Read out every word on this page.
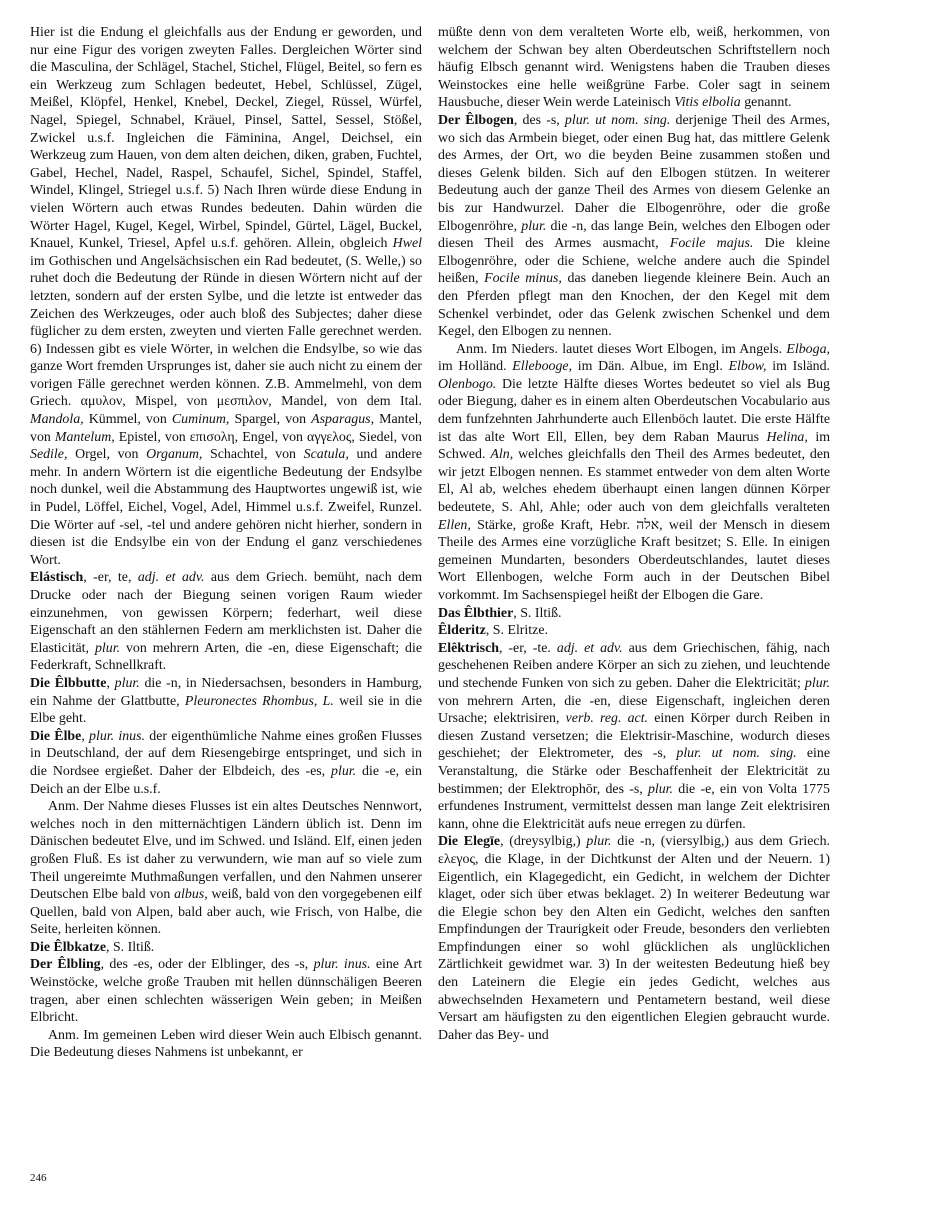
Hier ist die Endung el gleichfalls aus der Endung er geworden, und nur eine Figur des vorigen zweyten Falles. Dergleichen Wörter sind die Masculina, der Schlägel, Stachel, Stichel, Flügel, Beitel, so fern es ein Werkzeug zum Schlagen bedeutet, Hebel, Schlüssel, Zügel, Meißel, Klöpfel, Henkel, Knebel, Deckel, Ziegel, Rüssel, Würfel, Nagel, Spiegel, Schnabel, Kräuel, Pinsel, Sattel, Sessel, Stößel, Zwickel u.s.f. Ingleichen die Fäminina, Angel, Deichsel, ein Werkzeug zum Hauen, von dem alten deichen, diken, graben, Fuchtel, Gabel, Hechel, Nadel, Raspel, Schaufel, Sichel, Spindel, Staffel, Windel, Klingel, Striegel u.s.f. 5) Nach Ihren würde diese Endung in vielen Wörtern auch etwas Rundes bedeuten. Dahin würden die Wörter Hagel, Kugel, Kegel, Wirbel, Spindel, Gürtel, Lägel, Buckel, Knauel, Kunkel, Triesel, Apfel u.s.f. gehören. Allein, obgleich Hwel im Gothischen und Angelsächsischen ein Rad bedeutet, (S. Welle,) so ruhet doch die Bedeutung der Ründe in diesen Wörtern nicht auf der letzten, sondern auf der ersten Sylbe, und die letzte ist entweder das Zeichen des Werkzeuges, oder auch bloß des Subjectes; daher diese füglicher zu dem ersten, zweyten und vierten Falle gerechnet werden. 6) Indessen gibt es viele Wörter, in welchen die Endsylbe, so wie das ganze Wort fremden Ursprunges ist, daher sie auch nicht zu einem der vorigen Fälle gerechnet werden können. Z.B. Ammelmehl, von dem Griech. αμυλον, Mispel, von μεσπιλον, Mandel, von dem Ital. Mandola, Kümmel, von Cuminum, Spargel, von Asparagus, Mantel, von Mantelum, Epistel, von επισολη, Engel, von αγγελος, Siedel, von Sedile, Orgel, von Organum, Schachtel, von Scatula, und andere mehr. In andern Wörtern ist die eigentliche Bedeutung der Endsylbe noch dunkel, weil die Abstammung des Hauptwortes ungewiß ist, wie in Pudel, Löffel, Eichel, Vogel, Adel, Himmel u.s.f. Zweifel, Runzel. Die Wörter auf -sel, -tel und andere gehören nicht hierher, sondern in diesen ist die Endsylbe ein von der Endung el ganz verschiedenes Wort.

Elástisch, -er, te, adj. et adv. aus dem Griech. bemüht, nach dem Drucke oder nach der Biegung seinen vorigen Raum wieder einzunehmen, von gewissen Körpern; federhart, weil diese Eigenschaft an den stählernen Federn am merklichsten ist. Daher die Elasticität, plur. von mehrern Arten, die -en, diese Eigenschaft; die Federkraft, Schnellkraft.

Die Êlbbutte, plur. die -n, in Niedersachsen, besonders in Hamburg, ein Nahme der Glattbutte, Pleuronectes Rhombus, L. weil sie in die Elbe geht.

Die Êlbe, plur. inus. der eigenthümliche Nahme eines großen Flusses in Deutschland, der auf dem Riesengebirge entspringet, und sich in die Nordsee ergießet. Daher der Elbdeich, des -es, plur. die -e, ein Deich an der Elbe u.s.f.

Anm. Der Nahme dieses Flusses ist ein altes Deutsches Nennwort, welches noch in den mitternächtigen Ländern üblich ist. Denn im Dänischen bedeutet Elve, und im Schwed. und Isländ. Elf, einen jeden großen Fluß. Es ist daher zu verwundern, wie man auf so viele zum Theil ungereimte Muthmaßungen verfallen, und den Nahmen unserer Deutschen Elbe bald von albus, weiß, bald von den vorgegebenen eilf Quellen, bald von Alpen, bald aber auch, wie Frisch, von Halbe, die Seite, herleiten können.

Die Êlbkatze, S. Iltiß.

Der Êlbling, des -es, oder der Elblinger, des -s, plur. inus. eine Art Weinstöcke, welche große Trauben mit hellen dünnschäligen Beeren tragen, aber einen schlechten wässerigen Wein geben; in Meißen Elbricht.

Anm. Im gemeinen Leben wird dieser Wein auch Elbisch genannt. Die Bedeutung dieses Nahmens ist unbekannt, er

müßte denn von dem veralteten Worte elb, weiß, herkommen, von welchem der Schwan bey alten Oberdeutschen Schriftstellern noch häufig Elbsch genannt wird. Wenigstens haben die Trauben dieses Weinstockes eine helle weißgrüne Farbe. Coler sagt in seinem Hausbuche, dieser Wein werde Lateinisch Vitis elbolia genannt.

Der Êlbogen, des -s, plur. ut nom. sing. derjenige Theil des Armes, wo sich das Armbein bieget, oder einen Bug hat, das mittlere Gelenk des Armes, der Ort, wo die beyden Beine zusammen stoßen und dieses Gelenk bilden. Sich auf den Elbogen stützen. In weiterer Bedeutung auch der ganze Theil des Armes von diesem Gelenke an bis zur Handwurzel. Daher die Elbogenröhre, oder die große Elbogenröhre, plur. die -n, das lange Bein, welches den Elbogen oder diesen Theil des Armes ausmacht, Focile majus. Die kleine Elbogenröhre, oder die Schiene, welche andere auch die Spindel heißen, Focile minus, das daneben liegende kleinere Bein. Auch an den Pferden pflegt man den Knochen, der den Kegel mit dem Schenkel verbindet, oder das Gelenk zwischen Schenkel und dem Kegel, den Elbogen zu nennen.

Anm. Im Nieders. lautet dieses Wort Elbogen, im Angels. Elboga, im Holländ. Ellebooge, im Dän. Albue, im Engl. Elbow, im Isländ. Olenbogo. Die letzte Hälfte dieses Wortes bedeutet so viel als Bug oder Biegung, daher es in einem alten Oberdeutschen Vocabulario aus dem funfzehnten Jahrhunderte auch Ellenböch lautet. Die erste Hälfte ist das alte Wort Ell, Ellen, bey dem Raban Maurus Helina, im Schwed. Aln, welches gleichfalls den Theil des Armes bedeutet, den wir jetzt Elbogen nennen. Es stammet entweder von dem alten Worte El, Al ab, welches ehedem überhaupt einen langen dünnen Körper bedeutete, S. Ahl, Ahle; oder auch von dem gleichfalls veralteten Ellen, Stärke, große Kraft, Hebr. אלה, weil der Mensch in diesem Theile des Armes eine vorzügliche Kraft besitzet; S. Elle. In einigen gemeinen Mundarten, besonders Oberdeutschlandes, lautet dieses Wort Ellenbogen, welche Form auch in der Deutschen Bibel vorkommt. Im Sachsenspiegel heißt der Elbogen die Gare.

Das Êlbthier, S. Iltiß.

Êlderitz, S. Elritze.

Elêktrisch, -er, -te. adj. et adv. aus dem Griechischen, fähig, nach geschehenen Reiben andere Körper an sich zu ziehen, und leuchtende und stechende Funken von sich zu geben. Daher die Elektricität; plur. von mehrern Arten, die -en, diese Eigenschaft, ingleichen deren Ursache; elektrisiren, verb. reg. act. einen Körper durch Reiben in diesen Zustand versetzen; die Elektrisir-Maschine, wodurch dieses geschiehet; der Elektrometer, des -s, plur. ut nom. sing. eine Veranstaltung, die Stärke oder Beschaffenheit der Elektricität zu bestimmen; der Elektrophōr, des -s, plur. die -e, ein von Volta 1775 erfundenes Instrument, vermittelst dessen man lange Zeit elektrisiren kann, ohne die Elektricität aufs neue erregen zu dürfen.

Die Elegīe, (dreysylbig,) plur. die -n, (viersylbig,) aus dem Griech. ελεγος, die Klage, in der Dichtkunst der Alten und der Neuern. 1) Eigentlich, ein Klagegedicht, ein Gedicht, in welchem der Dichter klaget, oder sich über etwas beklaget. 2) In weiterer Bedeutung war die Elegie schon bey den Alten ein Gedicht, welches den sanften Empfindungen der Traurigkeit oder Freude, besonders den verliebten Empfindungen einer so wohl glücklichen als unglücklichen Zärtlichkeit gewidmet war. 3) In der weitesten Bedeutung hieß bey den Lateinern die Elegie ein jedes Gedicht, welches aus abwechselnden Hexametern und Pentametern bestand, weil diese Versart am häufigsten zu den eigentlichen Elegien gebraucht wurde. Daher das Bey- und

246
